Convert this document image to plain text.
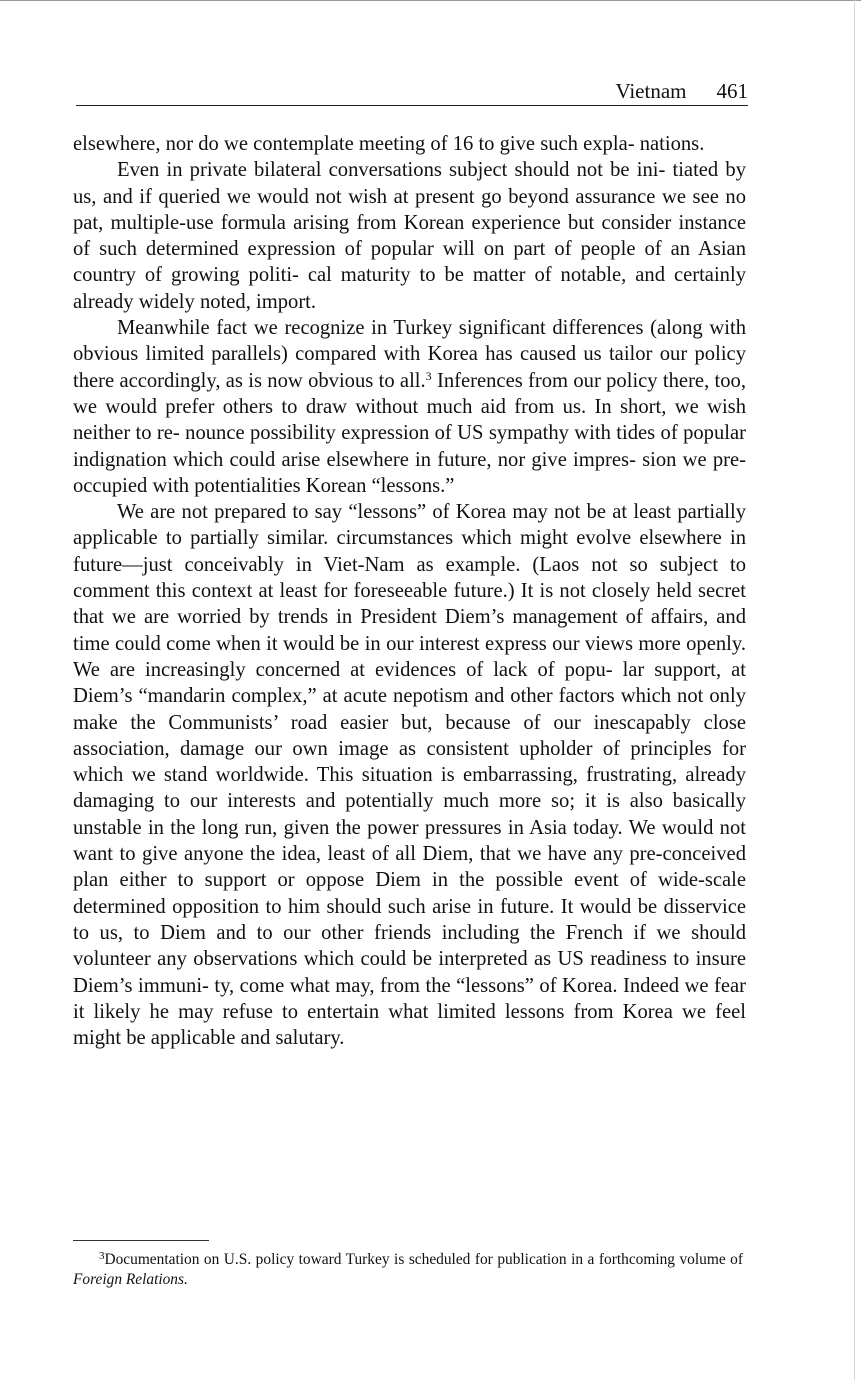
Vietnam 461

elsewhere, nor do we contemplate meeting of 16 to give such expla- nations.

Even in private bilateral conversations subject should not be ini- tiated by us, and if queried we would not wish at present go beyond assurance we see no pat, multiple-use formula arising from Korean experience but consider instance of such determined expression of popular will on part of people of an Asian country of growing politi- cal maturity to be matter of notable, and certainly already widely noted, import.

Meanwhile fact we recognize in Turkey significant differences (along with obvious limited parallels) compared with Korea has caused us tailor our policy there accordingly, as is now obvious to all.$^3$ Inferences from our policy there, too, we would prefer others to draw without much aid from us. In short, we wish neither to re- nounce possibility expression of US sympathy with tides of popular indignation which could arise elsewhere in future, nor give impres- sion we pre-occupied with potentialities Korean “lessons.”

We are not prepared to say “lessons” of Korea may not be at least partially applicable to partially similar. circumstances which might evolve elsewhere in future—just conceivably in Viet-Nam as example. (Laos not so subject to comment this context at least for foreseeable future.) It is not closely held secret that we are worried by trends in President Diem’s management of affairs, and time could come when it would be in our interest express our views more openly. We are increasingly concerned at evidences of lack of popu- lar support, at Diem’s “mandarin complex,” at acute nepotism and other factors which not only make the Communists’ road easier but, because of our inescapably close association, damage our own image as consistent upholder of principles for which we stand worldwide. This situation is embarrassing, frustrating, already damaging to our interests and potentially much more so; it is also basically unstable in the long run, given the power pressures in Asia today. We would not want to give anyone the idea, least of all Diem, that we have any pre-conceived plan either to support or oppose Diem in the possible event of wide-scale determined opposition to him should such arise in future. It would be disservice to us, to Diem and to our other friends including the French if we should volunteer any observations which could be interpreted as US readiness to insure Diem’s immuni- ty, come what may, from the “lessons” of Korea. Indeed we fear it likely he may refuse to entertain what limited lessons from Korea we feel might be applicable and salutary.

$^3$Documentation on U.S. policy toward Turkey is scheduled for publication in a forthcoming volume of Foreign Relations.
